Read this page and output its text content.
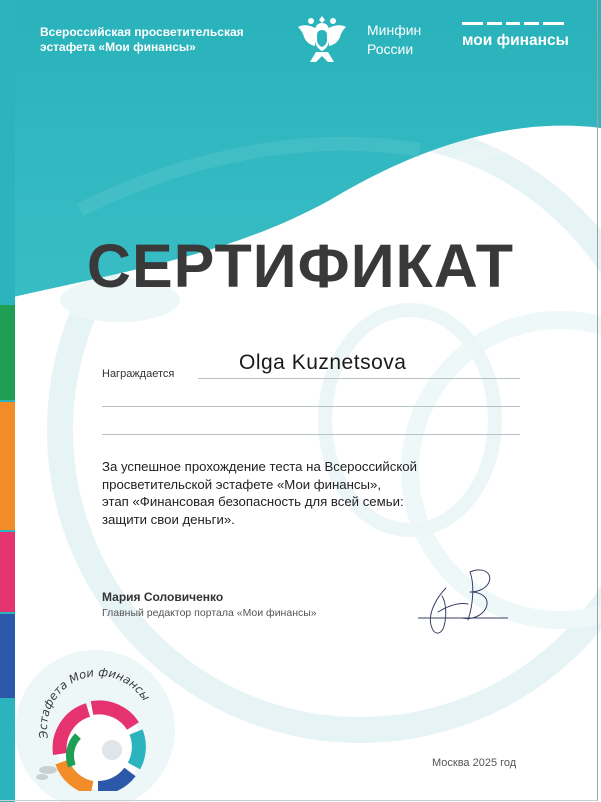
Всероссийская просветительская
эстафета «Мои финансы»
Минфин
России	мои финансы
СЕРТИФИКАТ
Награждается	Olga Kuznetsova
За успешное прохождение теста на Всероссийской
просветительской эстафете «Мои финансы»,
этап «Финансовая безопасность для всей семьи:
защити свои деньги».
Мария Соловиченко
Главный редактор портала «Мои финансы»
Эстафета Мои финансы
Москва 2025 год
